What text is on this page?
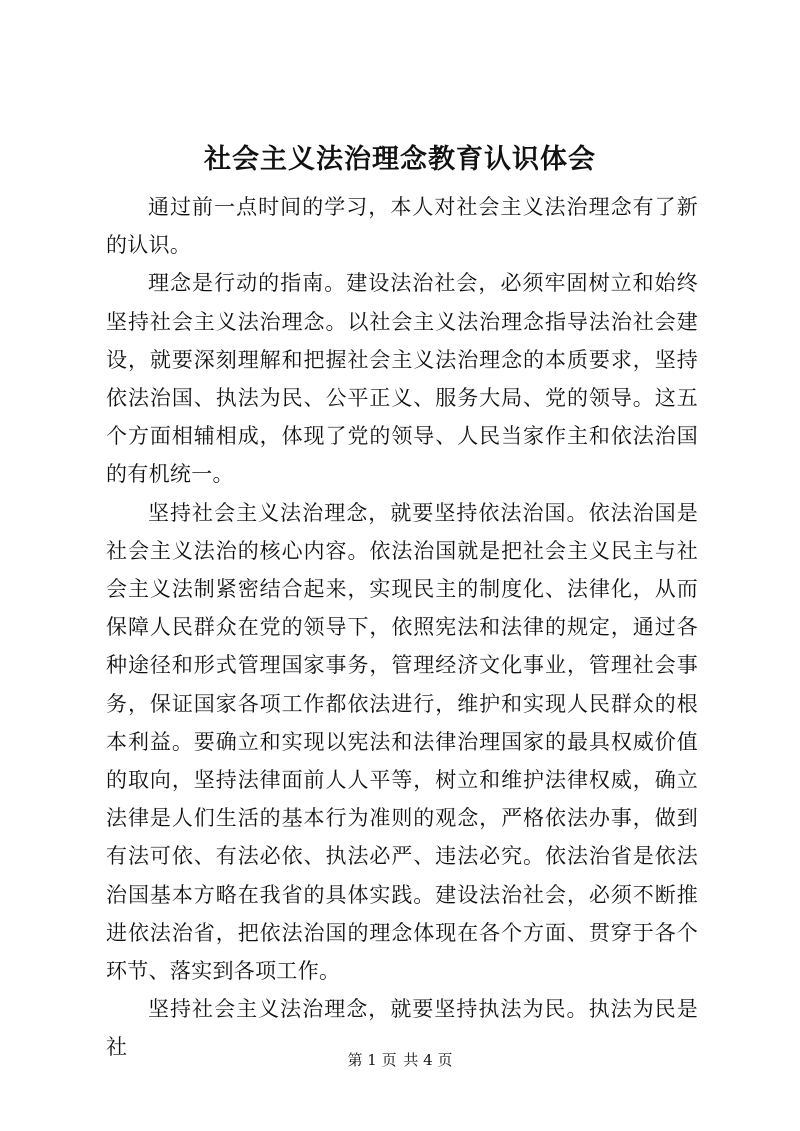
社会主义法治理念教育认识体会

通过前一点时间的学习，本人对社会主义法治理念有了新的认识。

理念是行动的指南。建设法治社会，必须牢固树立和始终坚持社会主义法治理念。以社会主义法治理念指导法治社会建设，就要深刻理解和把握社会主义法治理念的本质要求，坚持依法治国、执法为民、公平正义、服务大局、党的领导。这五个方面相辅相成，体现了党的领导、人民当家作主和依法治国的有机统一。

坚持社会主义法治理念，就要坚持依法治国。依法治国是社会主义法治的核心内容。依法治国就是把社会主义民主与社会主义法制紧密结合起来，实现民主的制度化、法律化，从而保障人民群众在党的领导下，依照宪法和法律的规定，通过各种途径和形式管理国家事务，管理经济文化事业，管理社会事务，保证国家各项工作都依法进行，维护和实现人民群众的根本利益。要确立和实现以宪法和法律治理国家的最具权威价值的取向，坚持法律面前人人平等，树立和维护法律权威，确立法律是人们生活的基本行为准则的观念，严格依法办事，做到有法可依、有法必依、执法必严、违法必究。依法治省是依法治国基本方略在我省的具体实践。建设法治社会，必须不断推进依法治省，把依法治国的理念体现在各个方面、贯穿于各个环节、落实到各项工作。

坚持社会主义法治理念，就要坚持执法为民。执法为民是社

第 1 页 共 4 页
